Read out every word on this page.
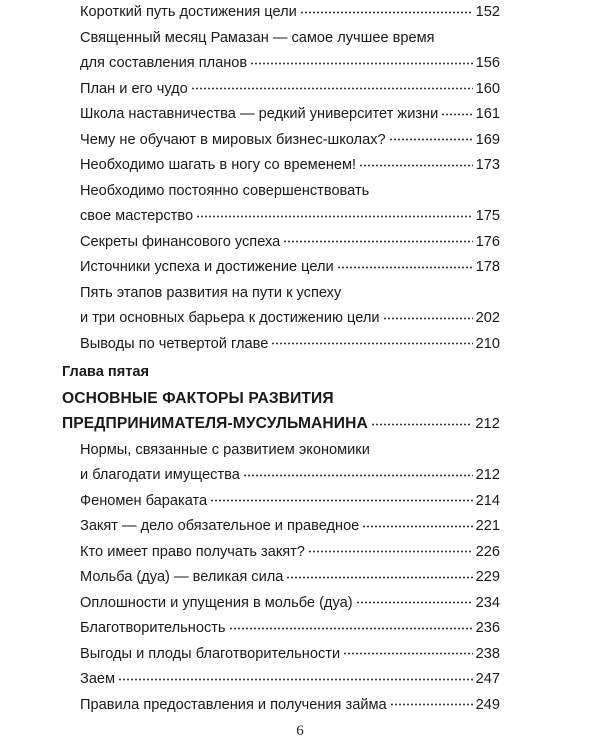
Короткий путь достижения цели	152
Священный месяц Рамазан — самое лучшее время
для составления планов	156
План и его чудо	160
Школа наставничества — редкий университет жизни	161
Чему не обучают в мировых бизнес-школах?	169
Необходимо шагать в ногу со временем!	173
Необходимо постоянно совершенствовать
свое мастерство	175
Секреты финансового успеха	176
Источники успеха и достижение цели	178
Пять этапов развития на пути к успеху
и три основных барьера к достижению цели	202
Выводы по четвертой главе	210
Глава пятая
ОСНОВНЫЕ ФАКТОРЫ РАЗВИТИЯ
ПРЕДПРИНИМАТЕЛЯ-МУСУЛЬМАНИНА	212
Нормы, связанные с развитием экономики
и благодати имущества	212
Феномен бараката	214
Закят — дело обязательное и праведное	221
Кто имеет право получать закят?	226
Мольба (дуа) — великая сила	229
Оплошности и упущения в мольбе (дуа)	234
Благотворительность	236
Выгоды и плоды благотворительности	238
Заем	247
Правила предоставления и получения займа	249
6
